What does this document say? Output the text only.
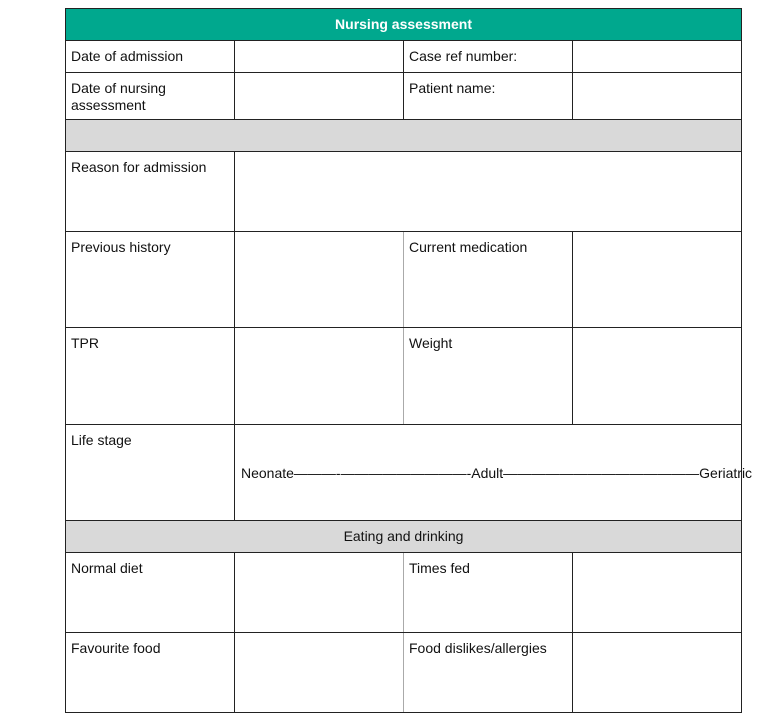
Nursing assessment			
Date of admission		Case ref number:	
Date of nursing assessment		Patient name:	

Reason for admission			
Previous history		Current medication	
TPR		Weight	
Life stage	Neonate———-—————————-Adult——————————————Geriatric		
Eating and drinking			
Normal diet		Times fed	
Favourite food		Food dislikes/allergies	
